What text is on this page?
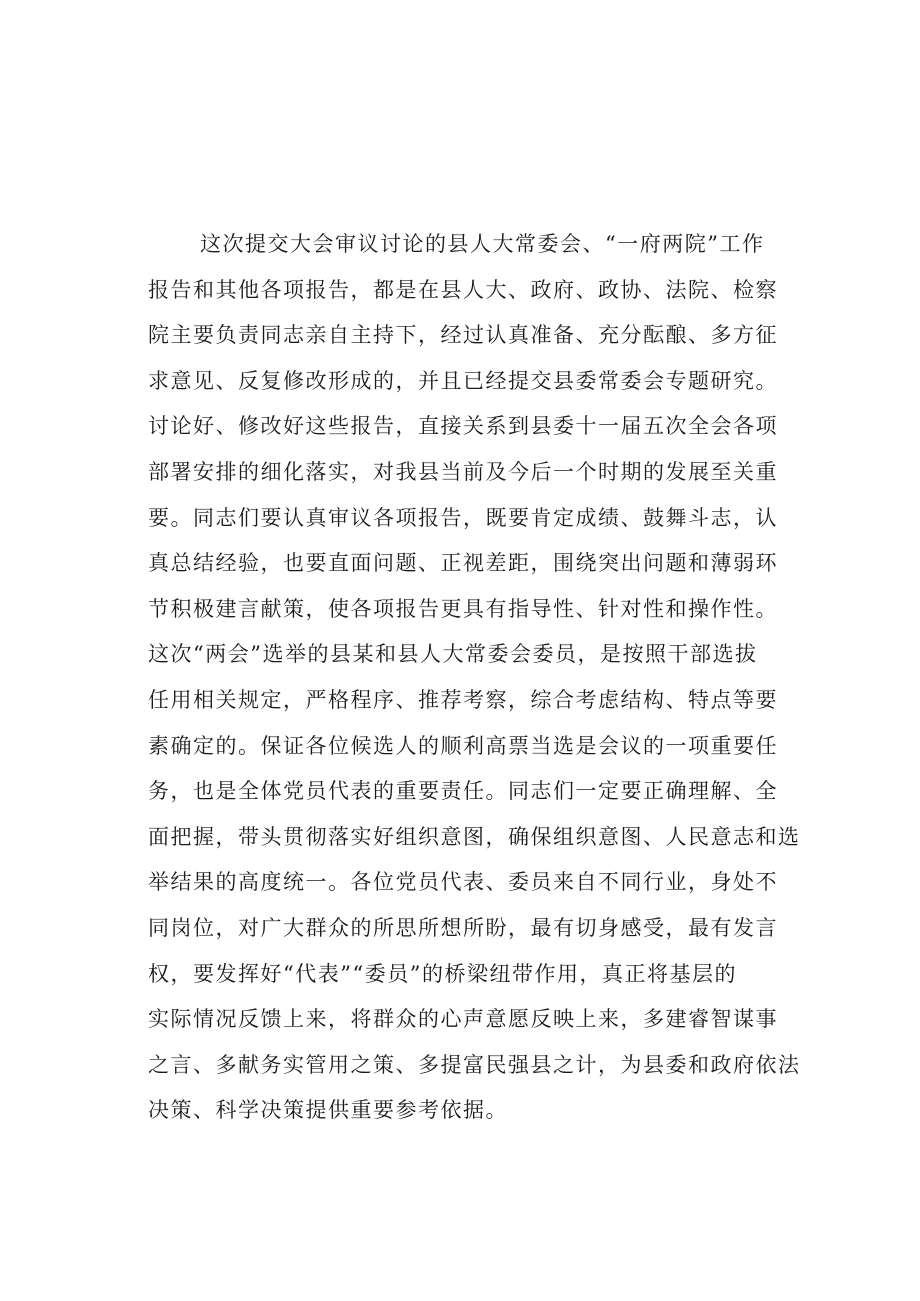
这次提交大会审议讨论的县人大常委会、“一府两院”工作
报告和其他各项报告，都是在县人大、政府、政协、法院、检察
院主要负责同志亲自主持下，经过认真准备、充分酝酿、多方征
求意见、反复修改形成的，并且已经提交县委常委会专题研究。
讨论好、修改好这些报告，直接关系到县委十一届五次全会各项
部署安排的细化落实，对我县当前及今后一个时期的发展至关重
要。同志们要认真审议各项报告，既要肯定成绩、鼓舞斗志，认
真总结经验，也要直面问题、正视差距，围绕突出问题和薄弱环
节积极建言献策，使各项报告更具有指导性、针对性和操作性。
这次“两会”选举的县某和县人大常委会委员，是按照干部选拔
任用相关规定，严格程序、推荐考察，综合考虑结构、特点等要
素确定的。保证各位候选人的顺利高票当选是会议的一项重要任
务，也是全体党员代表的重要责任。同志们一定要正确理解、全
面把握，带头贯彻落实好组织意图，确保组织意图、人民意志和选
举结果的高度统一。各位党员代表、委员来自不同行业，身处不
同岗位，对广大群众的所思所想所盼，最有切身感受，最有发言
权，要发挥好“代表”“委员”的桥梁纽带作用，真正将基层的
实际情况反馈上来，将群众的心声意愿反映上来，多建睿智谋事
之言、多献务实管用之策、多提富民强县之计，为县委和政府依法
决策、科学决策提供重要参考依据。
